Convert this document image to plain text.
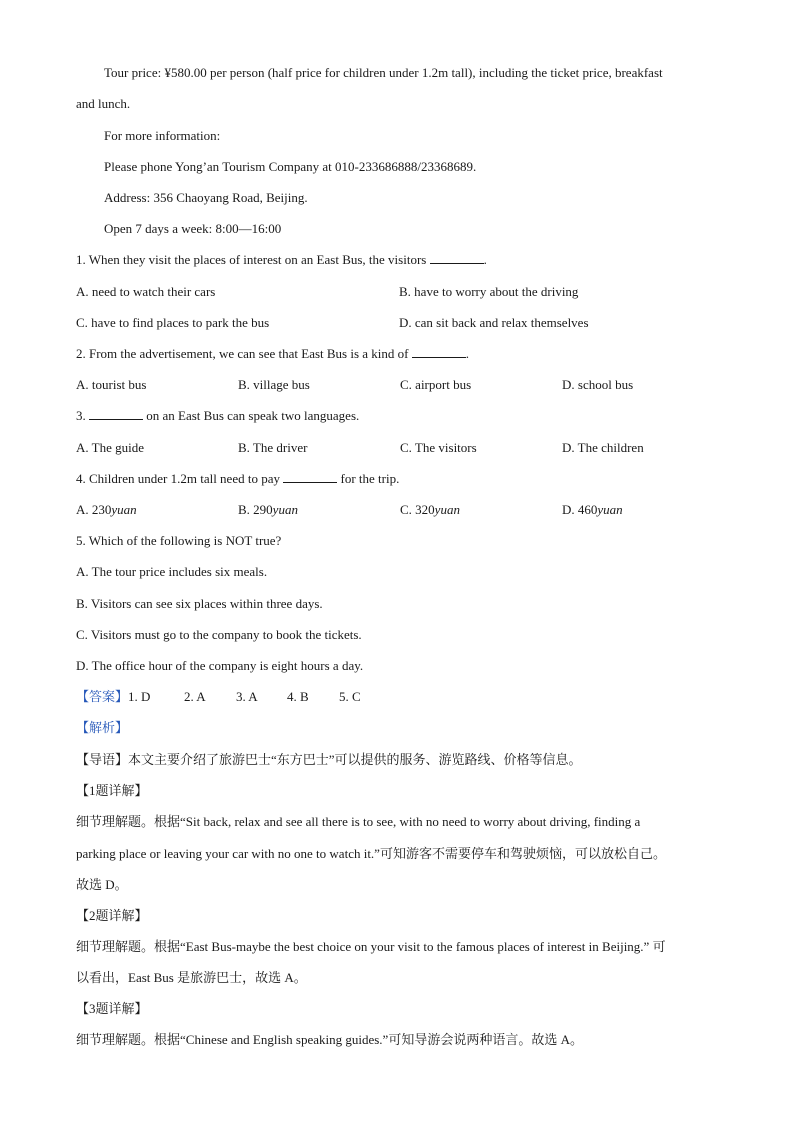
Tour price: ¥580.00 per person (half price for children under 1.2m tall), including the ticket price, breakfast
and lunch.
For more information:
Please phone Yong’an Tourism Company at 010-233686888/23368689.
Address: 356 Chaoyang Road, Beijing.
Open 7 days a week: 8:00—16:00
1. When they visit the places of interest on an East Bus, the visitors	.
A. need to watch their cars	B. have to worry about the driving
C. have to find places to park the bus	D. can sit back and relax themselves
2. From the advertisement, we can see that East Bus is a kind of	.
A. tourist bus	B. village bus	C. airport bus	D. school bus
3.	on an East Bus can speak two languages.
A. The guide	B. The driver	C. The visitors	D. The children
4. Children under 1.2m tall need to pay	for the trip.
A. 230yuan	B. 290yuan	C. 320yuan	D. 460yuan
5. Which of the following is NOT true?
A. The tour price includes six meals.
B. Visitors can see six places within three days.
C. Visitors must go to the company to book the tickets.
D. The office hour of the company is eight hours a day.
【答案】1. D	2. A 3. A 4. B 5. C
【解析】
【导语】本文主要介绍了旅游巴士“东方巴士”可以提供的服务、游览路线、价格等信息。
【1题详解】
细节理解题。根据“Sit back, relax and see all there is to see, with no need to worry about driving, finding a
parking place or leaving your car with no one to watch it.”可知游客不需要停车和驾驶烦恼，可以放松自己。
故选 D。
【2题详解】
细节理解题。根据“East Bus-maybe the best choice on your visit to the famous places of interest in Beijing.” 可
以看出，East Bus 是旅游巴士，故选 A。
【3题详解】
细节理解题。根据“Chinese and English speaking guides.”可知导游会说两种语言。故选 A。
